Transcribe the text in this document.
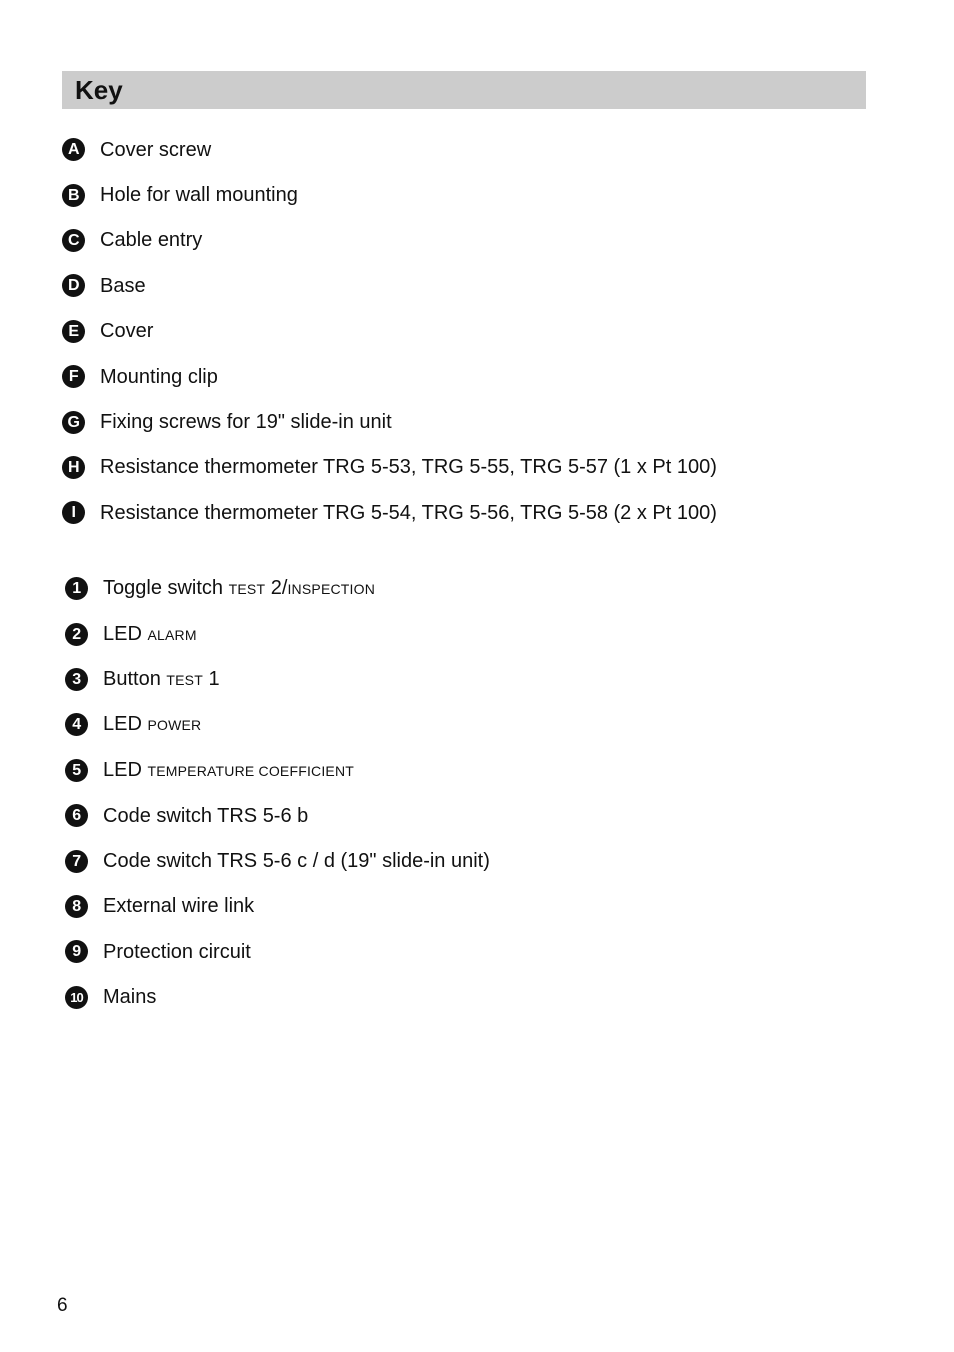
Key
A Cover screw
B Hole for wall mounting
C Cable entry
D Base
E	Cover
F	Mounting clip
G Fixing screws for 19" slide-in unit
H Resistance thermometer TRG 5-53, TRG 5-55, TRG 5-57 (1 x Pt 100)
I	Resistance thermometer TRG 5-54, TRG 5-56, TRG 5-58 (2 x Pt 100)
1	Toggle switch TEST 2/INSPECTION
2	LED ALARM
3	Button TEST 1
4	LED POWER
5	LED TEMPERATURE COEFFICIENT
6	Code switch TRS 5-6 b
7	Code switch TRS 5-6 c / d (19" slide-in unit)
8	External wire link
9	Protection circuit
10 Mains
6
